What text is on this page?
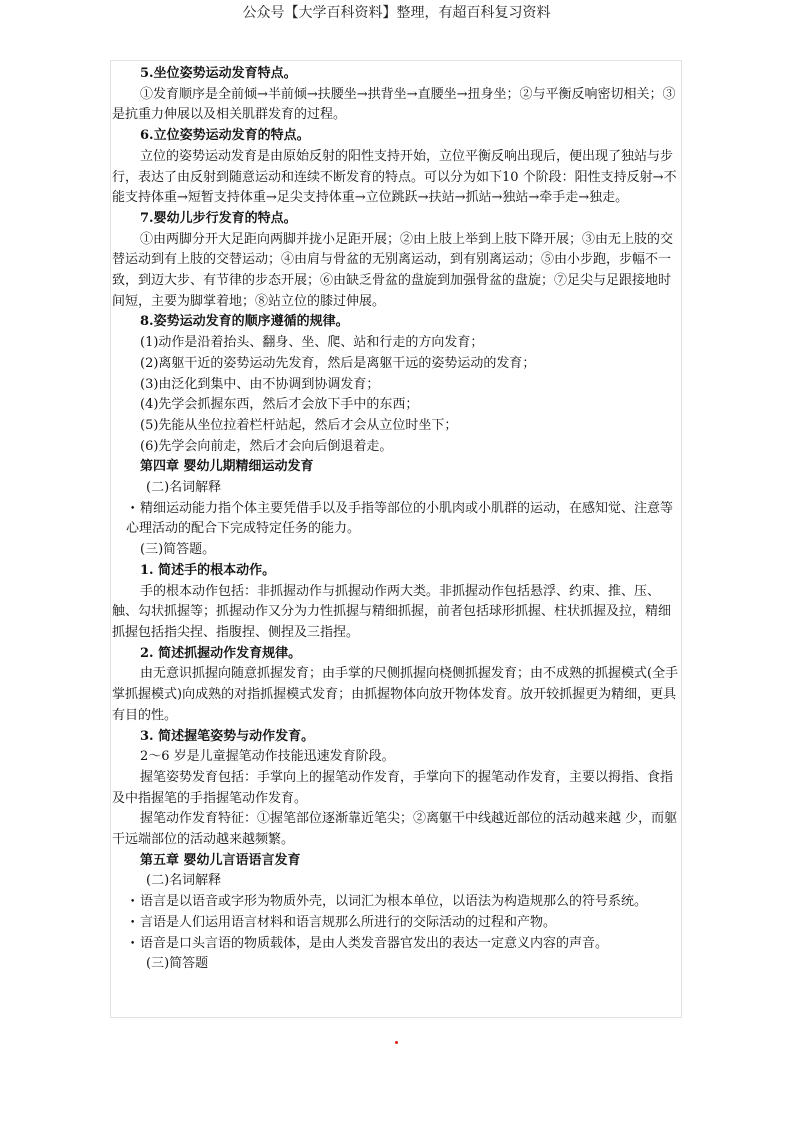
公众号【大学百科资料】整理，有超百科复习资料

5.坐位姿势运动发育特点。

①发育顺序是全前倾→半前倾→扶腰坐→拱背坐→直腰坐→扭身坐；②与平衡反响密切相关；③是抗重力伸展以及相关肌群发育的过程。

6.立位姿势运动发育的特点。

立位的姿势运动发育是由原始反射的阳性支持开始，立位平衡反响出现后，便出现了独站与步行，表达了由反射到随意运动和连续不断发育的特点。可以分为如下10 个阶段：阳性支持反射→不能支持体重→短暂支持体重→足尖支持体重→立位跳跃→扶站→抓站→独站→牵手走→独走。

7.婴幼儿步行发育的特点。

①由两脚分开大足距向两脚并拢小足距开展；②由上肢上举到上肢下降开展；③由无上肢的交替运动到有上肢的交替运动；④由肩与骨盆的无别离运动，到有别离运动；⑤由小步跑，步幅不一致，到迈大步、有节律的步态开展；⑥由缺乏骨盆的盘旋到加强骨盆的盘旋；⑦足尖与足跟接地时间短，主要为脚掌着地；⑧站立位的膝过伸展。

8.姿势运动发育的顺序遵循的规律。

(1)动作是沿着抬头、翻身、坐、爬、站和行走的方向发育；

(2)离躯干近的姿势运动先发育，然后是离躯干远的姿势运动的发育；

(3)由泛化到集中、由不协调到协调发育；

(4)先学会抓握东西，然后才会放下手中的东西；

(5)先能从坐位拉着栏杆站起，然后才会从立位时坐下；

(6)先学会向前走，然后才会向后倒退着走。

第四章 婴幼儿期精细运动发育

(二)名词解释

• 精细运动能力指个体主要凭借手以及手指等部位的小肌肉或小肌群的运动，在感知觉、注意等心理活动的配合下完成特定任务的能力。

(三)简答题。

1. 简述手的根本动作。

手的根本动作包括：非抓握动作与抓握动作两大类。非抓握动作包括悬浮、约束、推、压、触、勾状抓握等；抓握动作又分为力性抓握与精细抓握，前者包括球形抓握、柱状抓握及拉，精细抓握包括指尖捏、指腹捏、侧捏及三指捏。

2. 简述抓握动作发育规律。

由无意识抓握向随意抓握发育；由手掌的尺侧抓握向桡侧抓握发育；由不成熟的抓握模式(全手掌抓握模式)向成熟的对指抓握模式发育；由抓握物体向放开物体发育。放开较抓握更为精细，更具有目的性。

3. 简述握笔姿势与动作发育。

2～6 岁是儿童握笔动作技能迅速发育阶段。

握笔姿势发育包括：手掌向上的握笔动作发育，手掌向下的握笔动作发育，主要以拇指、食指及中指握笔的手指握笔动作发育。

握笔动作发育特征：①握笔部位逐渐靠近笔尖；②离躯干中线越近部位的活动越来越 少，而躯干远端部位的活动越来越频繁。

第五章 婴幼儿言语语言发育

(二)名词解释

• 语言是以语音或字形为物质外壳，以词汇为根本单位，以语法为构造规那么的符号系统。

• 言语是人们运用语言材料和语言规那么所进行的交际活动的过程和产物。

• 语音是口头言语的物质载体，是由人类发音器官发出的表达一定意义内容的声音。

(三)简答题
